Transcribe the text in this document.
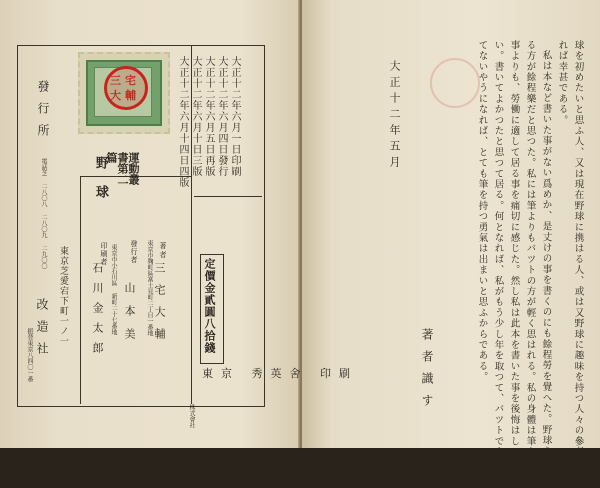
大正十二年六月一日印刷
大正十二年六月四日發行
大正十二年六月五日再版
大正十二年六月十日三版
大正十二年六月十四日四版
定價金貳圓八拾錢
運動叢書第二篇
野球
著者
東京市麹町區富士見町二丁目一番地 三宅大輔
發行者
山本美
東京市小石川區 新町二十七番地
印刷者
石川金太郎
發行所
電話芝 二八〇八 二八〇九 二九〇〇
東京芝愛宕下町一ノ一
改造社
振替東京八四〇一番	東京 秀英舍 印刷
株式會社
三 宅
大 輔	球を初めたいと思ふ人、又は現在野球に携はる人、或は又野球に趣味を持つ人々の參考にな
れば幸甚である。
私は本など書いた事がない爲めか、是丈けの事を書くのにも餘程勞を覺へた。野球をや
る方が餘程樂だと思つた。私には筆よりもバツトの方が輕く思はれる。私の身體は筆を持つ
事よりも、勞働に適して居る事を痛切に感じた。然し私は此本を書いた事を後悔はして居な
い。書いてよかつたと思つて居る。何となれば、私がもう少し年を取つて、バツトでき〳〵持
てないやうになれば、とても筆を持つ勇氣は出まいと思ふからである。
大正十二年五月
著者識す
